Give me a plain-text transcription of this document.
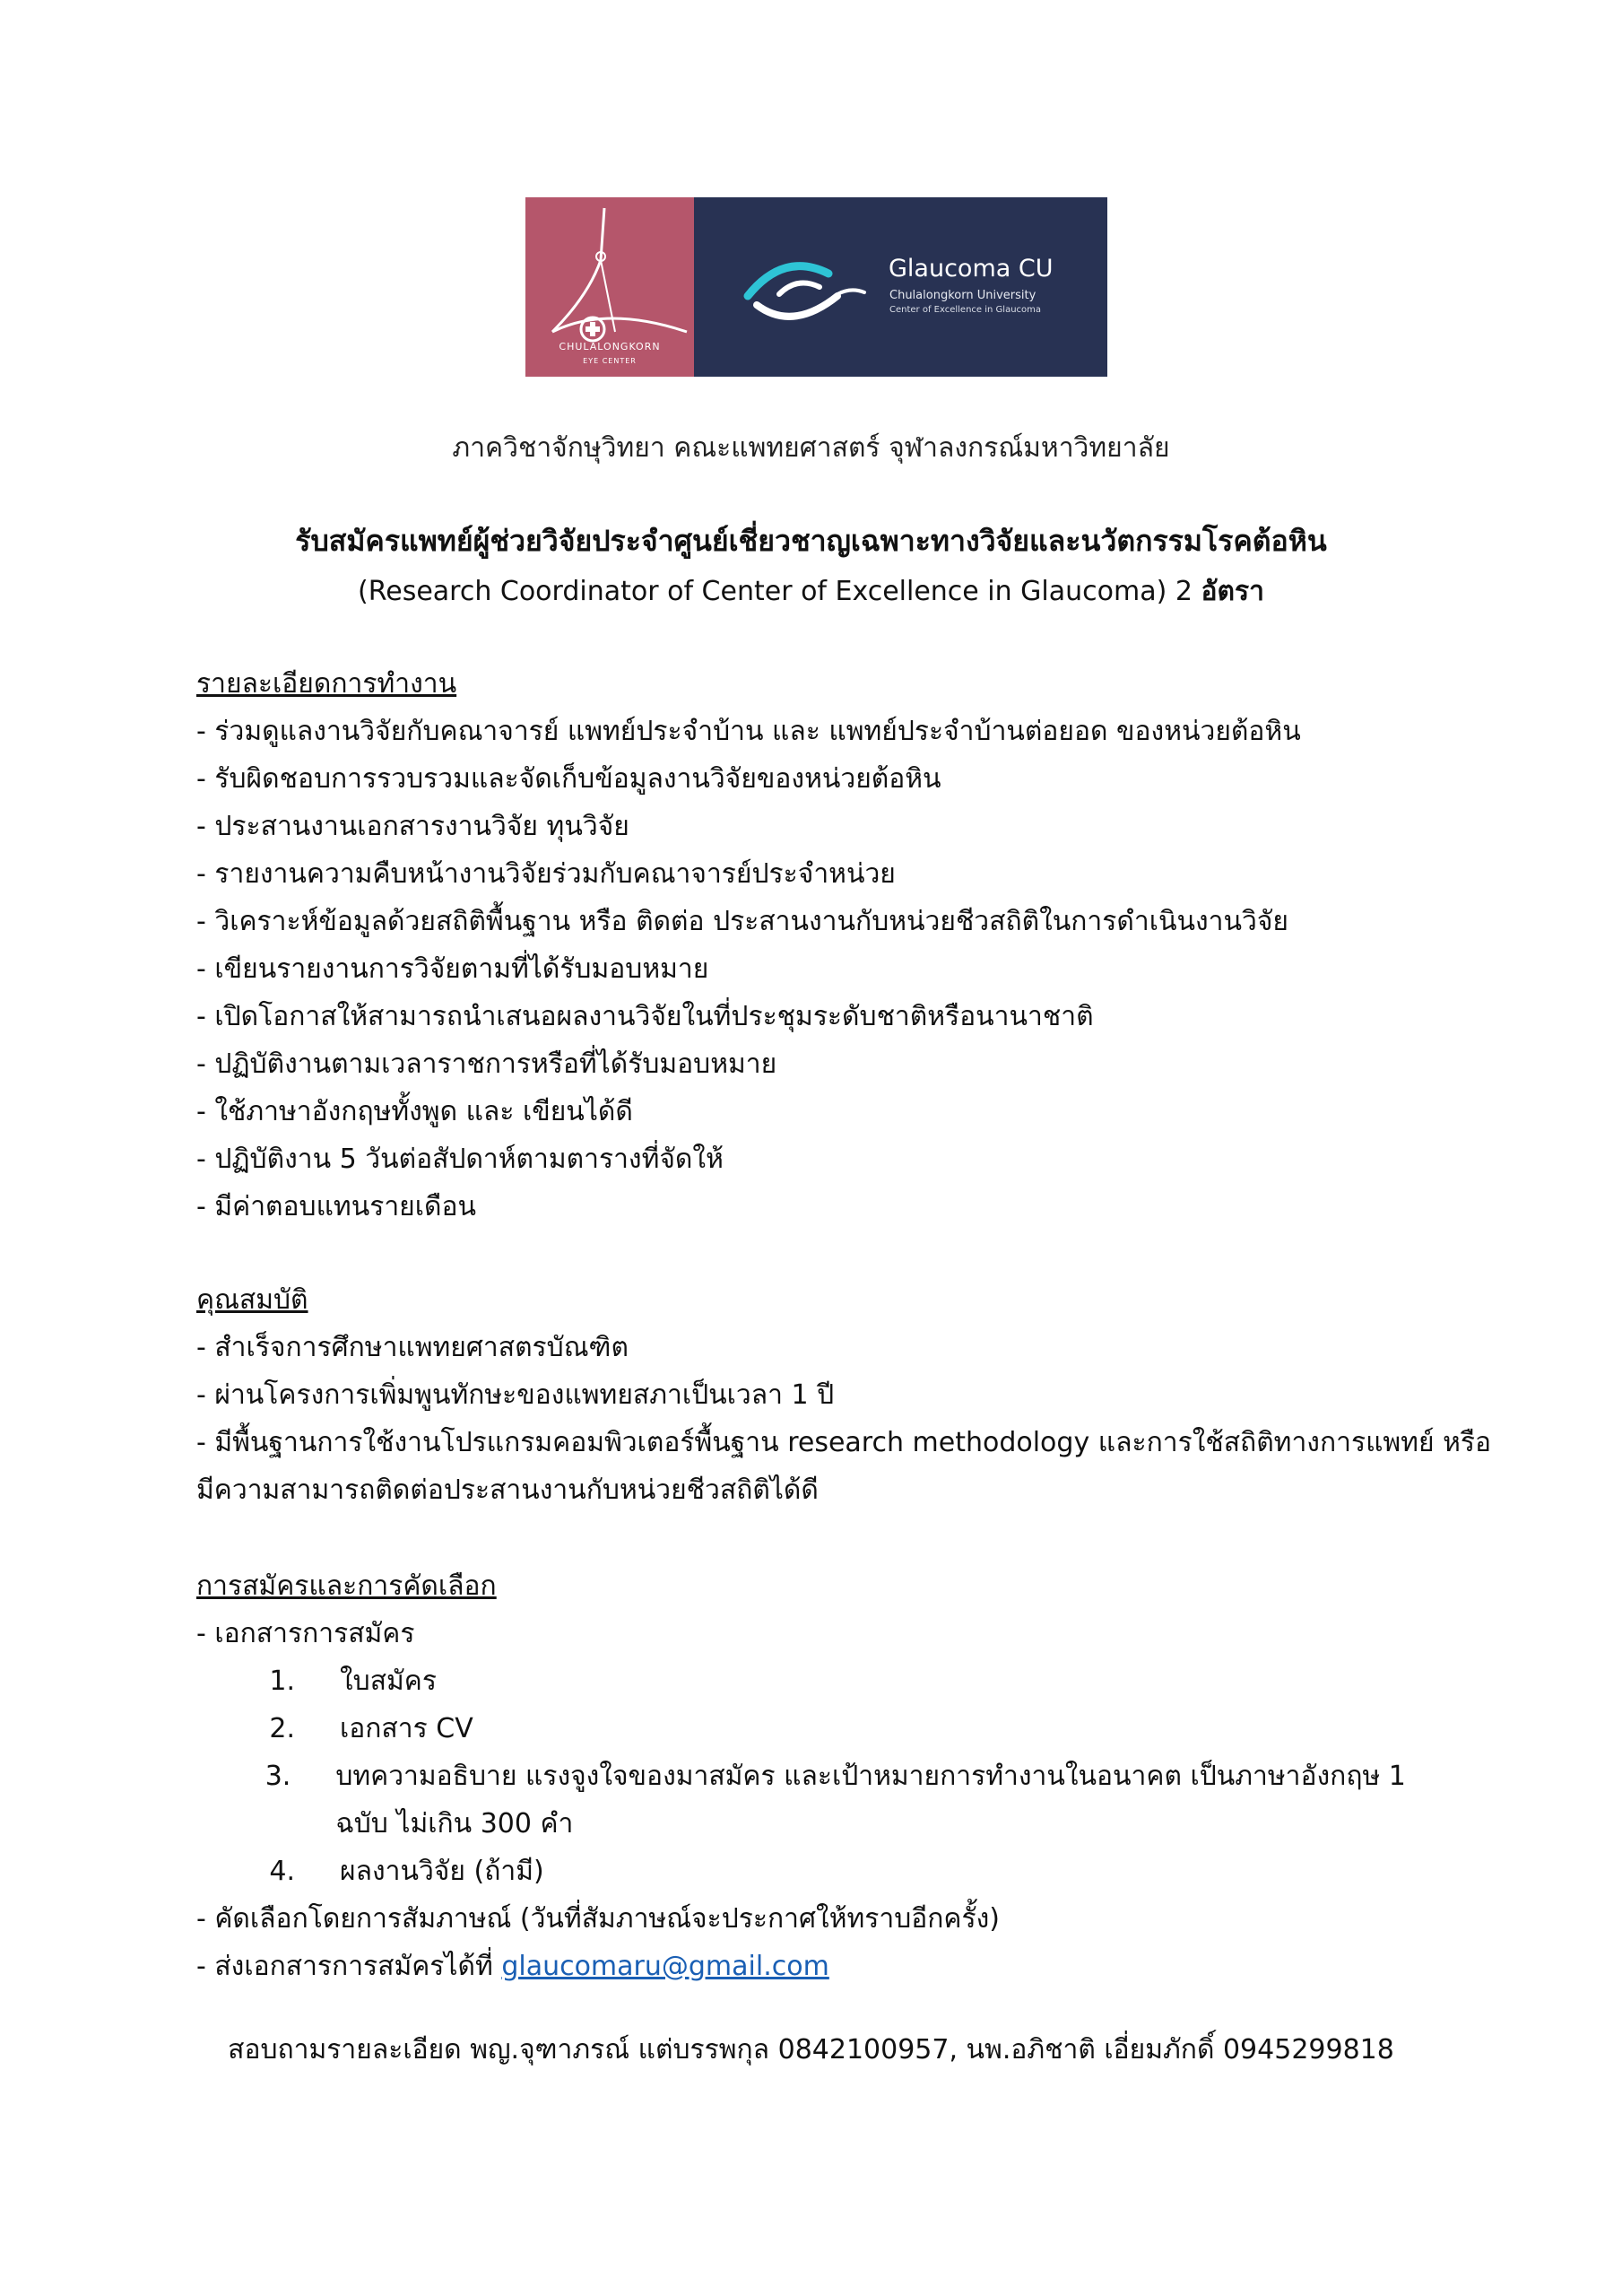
CHULALONGKORN
EYE CENTER
Glaucoma CU
Chulalongkorn University
Center of Excellence in Glaucoma
ภาควิชาจักษุวิทยา คณะแพทยศาสตร์ จุฬาลงกรณ์มหาวิทยาลัย
รับสมัครแพทย์ผู้ช่วยวิจัยประจำศูนย์เชี่ยวชาญเฉพาะทางวิจัยและนวัตกรรมโรคต้อหิน
(Research Coordinator of Center of Excellence in Glaucoma) 2 อัตรา
รายละเอียดการทำงาน
- ร่วมดูแลงานวิจัยกับคณาจารย์ แพทย์ประจำบ้าน และ แพทย์ประจำบ้านต่อยอด ของหน่วยต้อหิน
- รับผิดชอบการรวบรวมและจัดเก็บข้อมูลงานวิจัยของหน่วยต้อหิน
- ประสานงานเอกสารงานวิจัย ทุนวิจัย
- รายงานความคืบหน้างานวิจัยร่วมกับคณาจารย์ประจำหน่วย
- วิเคราะห์ข้อมูลด้วยสถิติพื้นฐาน หรือ ติดต่อ ประสานงานกับหน่วยชีวสถิติในการดำเนินงานวิจัย
- เขียนรายงานการวิจัยตามที่ได้รับมอบหมาย
- เปิดโอกาสให้สามารถนำเสนอผลงานวิจัยในที่ประชุมระดับชาติหรือนานาชาติ
- ปฏิบัติงานตามเวลาราชการหรือที่ได้รับมอบหมาย
- ใช้ภาษาอังกฤษทั้งพูด และ เขียนได้ดี
- ปฏิบัติงาน 5 วันต่อสัปดาห์ตามตารางที่จัดให้
- มีค่าตอบแทนรายเดือน
คุณสมบัติ
- สำเร็จการศึกษาแพทยศาสตรบัณฑิต
- ผ่านโครงการเพิ่มพูนทักษะของแพทยสภาเป็นเวลา 1 ปี
- มีพื้นฐานการใช้งานโปรแกรมคอมพิวเตอร์พื้นฐาน research methodology และการใช้สถิติทางการแพทย์ หรือ
มีความสามารถติดต่อประสานงานกับหน่วยชีวสถิติได้ดี
การสมัครและการคัดเลือก
- เอกสารการสมัคร
1.	ใบสมัคร
2.	เอกสาร CV
3.	บทความอธิบาย แรงจูงใจของมาสมัคร และเป้าหมายการทำงานในอนาคต เป็นภาษาอังกฤษ 1 ฉบับ ไม่เกิน 300 คำ
4.	ผลงานวิจัย (ถ้ามี)
- คัดเลือกโดยการสัมภาษณ์ (วันที่สัมภาษณ์จะประกาศให้ทราบอีกครั้ง)
- ส่งเอกสารการสมัครได้ที่ glaucomaru@gmail.com
สอบถามรายละเอียด พญ.จุฑาภรณ์ แต่บรรพกุล 0842100957, นพ.อภิชาติ เอี่ยมภักดิ์ 0945299818
